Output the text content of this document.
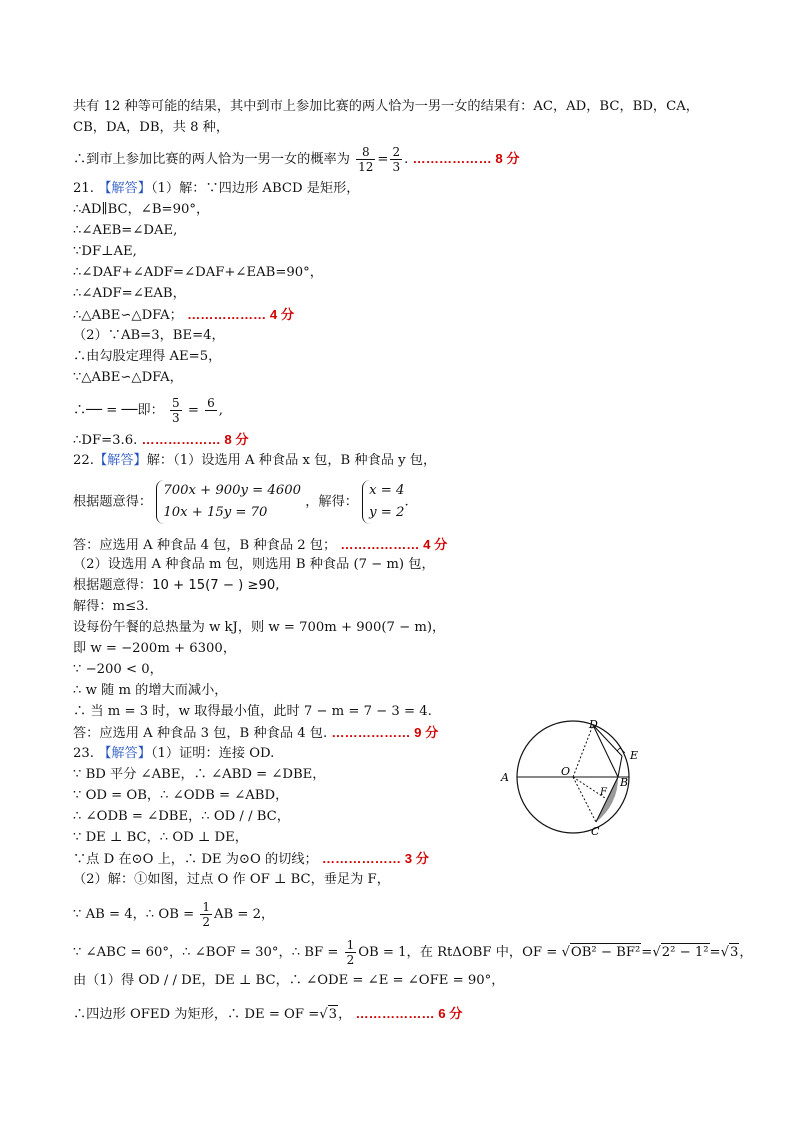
共有 12 种等可能的结果，其中到市上参加比赛的两人恰为一男一女的结果有：AC，AD，BC，BD，CA，
CB，DA，DB，共 8 种，
∴到市上参加比赛的两人恰为一男一女的概率为 $\frac{8}{12} = \frac{2}{3}$ . ……………… 8 分
21. 【解答】（1）解：∵四边形 ABCD 是矩形，
∴AD∥BC，∠B=90°，
∴∠AEB=∠DAE,
∵DF⊥AE,
∴∠DAF+∠ADF=∠DAF+∠EAB=90°，
∴∠ADF=∠EAB，
∴△ABE∽△DFA； ……………… 4 分
（2）∵AB=3，BE=4，
∴由勾股定理得 AE=5，
∵△ABE∽△DFA，
∴── = ──即： $\frac{5}{3} = 6$
,
∴DF=3.6. ……………… 8 分
22.【解答】解：（1）设选用 A 种食品 x 包，B 种食品 y 包，
根据题意得： 700x + 900y = 4600
10x + 15y = 70 ，解得： x = 4
y = 2.
答：应选用 A 种食品 4 包，B 种食品 2 包； ……………… 4 分
（2）设选用 A 种食品 m 包，则选用 B 种食品 (7 − m) 包，
根据题意得：10 + 15(7 − ) ≥90,
解得：m≤3.
设每份午餐的总热量为 w kJ，则 w = 700m + 900(7 − m)，
即 w = −200m + 6300，
∵ −200 < 0，
∴ w 随 m 的增大而减小，
∴ 当 m = 3 时，w 取得最小值，此时 7 − m = 7 − 3 = 4.
答：应选用 A 种食品 3 包，B 种食品 4 包. ……………… 9 分
23. 【解答】（1）证明：连接 OD.
∵ BD 平分 ∠ABE，∴ ∠ABD = ∠DBE，
∵ OD = OB，∴ ∠ODB = ∠ABD，
∴ ∠ODB = ∠DBE，∴ OD / / BC，
∵ DE ⊥ BC，∴ OD ⊥ DE，
∵点 D 在⊙O 上，∴ DE 为⊙O 的切线； ……………… 3 分
（2）解：①如图，过点 O 作 OF ⊥ BC，垂足为 F，
∵ AB = 4，∴ OB = $\frac{1}{2}$ AB = 2，
∵ ∠ABC = 60°，∴ ∠BOF = 30°，∴ BF = $\frac{1}{2}$ OB = 1，在 RtΔOBF 中，OF = √OB² − BF²=√2² − 1²=√3，
由（1）得 OD / / DE，DE ⊥ BC，∴ ∠ODE = ∠E = ∠OFE = 90°，
∴四边形 OFED 为矩形，∴ DE = OF =√3， ……………… 6 分
A	O
B
C
D
E
F
